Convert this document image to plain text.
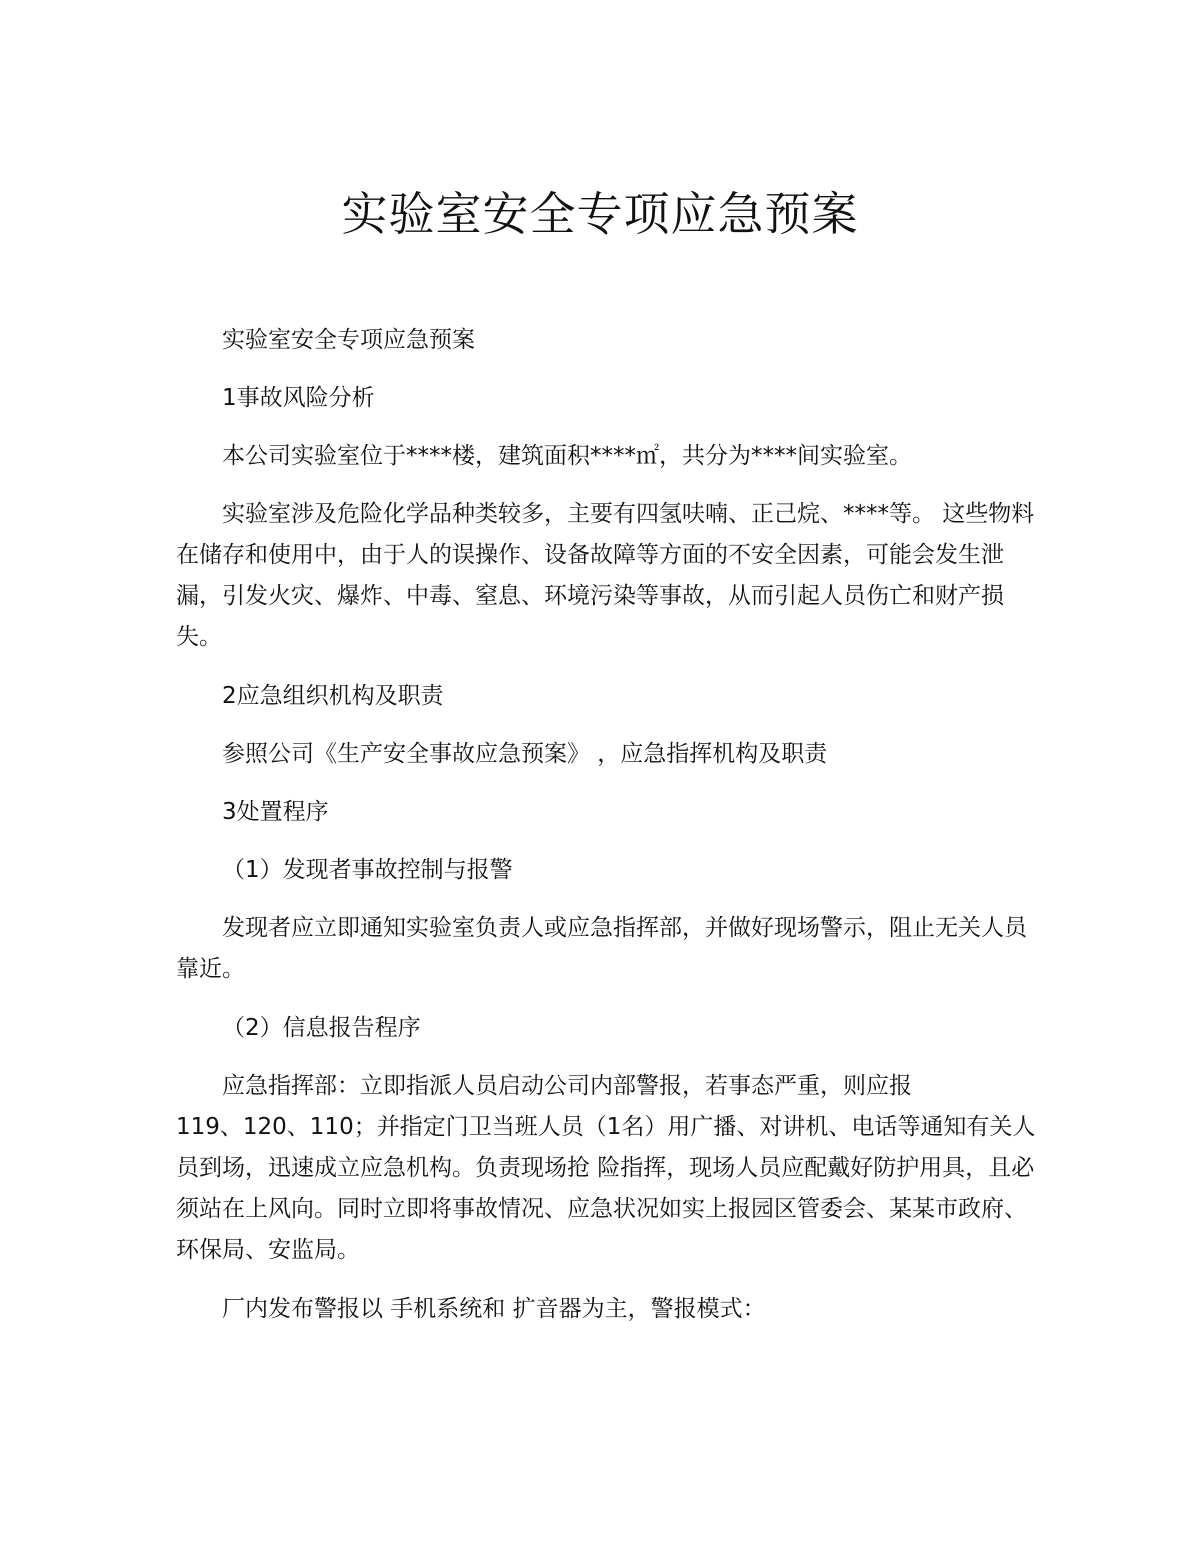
实验室安全专项应急预案

实验室安全专项应急预案

1事故风险分析

本公司实验室位于****楼，建筑面积****㎡，共分为****间实验室。

实验室涉及危险化学品种类较多，主要有四氢呋喃、正己烷、****等。 这些物料在储存和使用中，由于人的误操作、设备故障等方面的不安全因素，可能会发生泄漏，引发火灾、爆炸、中毒、窒息、环境污染等事故，从而引起人员伤亡和财产损失。

2应急组织机构及职责

参照公司《生产安全事故应急预案》 ，应急指挥机构及职责

3处置程序

（1）发现者事故控制与报警

发现者应立即通知实验室负责人或应急指挥部，并做好现场警示，阻止无关人员靠近。

（2）信息报告程序

应急指挥部：立即指派人员启动公司内部警报，若事态严重，则应报

119、120、110；并指定门卫当班人员（1名）用广播、对讲机、电话等通知有关人员到场，迅速成立应急机构。负责现场抢 险指挥，现场人员应配戴好防护用具，且必须站在上风向。同时立即将事故情况、应急状况如实上报园区管委会、某某市政府、环保局、安监局。

厂内发布警报以 手机系统和 扩音器为主，警报模式：
